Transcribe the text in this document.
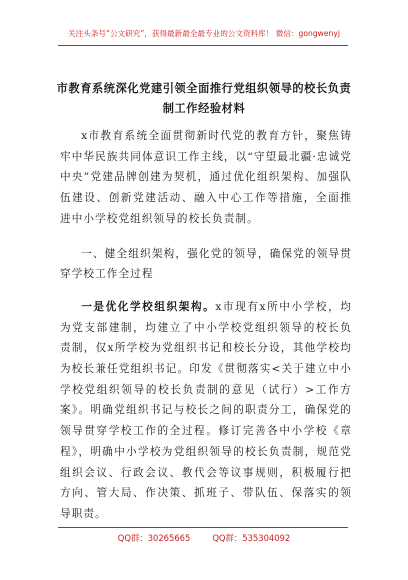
关注头条号“公文研究”，获得最新最全最专业的公文资料库！ 微信：gongwenyj
市教育系统深化党建引领全面推行党组织领导的校长负责
制工作经验材料

x市教育系统全面贯彻新时代党的教育方针，聚焦铸牢中华民族共同体意识工作主线，以“守望最北疆·忠诚党中央”党建品牌创建为契机，通过优化组织架构、加强队伍建设、创新党建活动、融入中心工作等措施，全面推进中小学校党组织领导的校长负责制。

一、健全组织架构，强化党的领导，确保党的领导贯穿学校工作全过程

一是优化学校组织架构。x市现有x所中小学校，均为党支部建制，均建立了中小学校党组织领导的校长负责制，仅x所学校为党组织书记和校长分设，其他学校均为校长兼任党组织书记。印发《贯彻落实<关于建立中小学校党组织领导的校长负责制的意见（试行）>工作方案》。明确党组织书记与校长之间的职责分工，确保党的领导贯穿学校工作的全过程。修订完善各中小学校《章程》，明确中小学校为党组织领导的校长负责制，规范党组织会议、行政会议、教代会等议事规则，积极履行把方向、管大局、作决策、抓班子、带队伍、保落实的领导职责。

QQ群：30265665	QQ群：535304092
